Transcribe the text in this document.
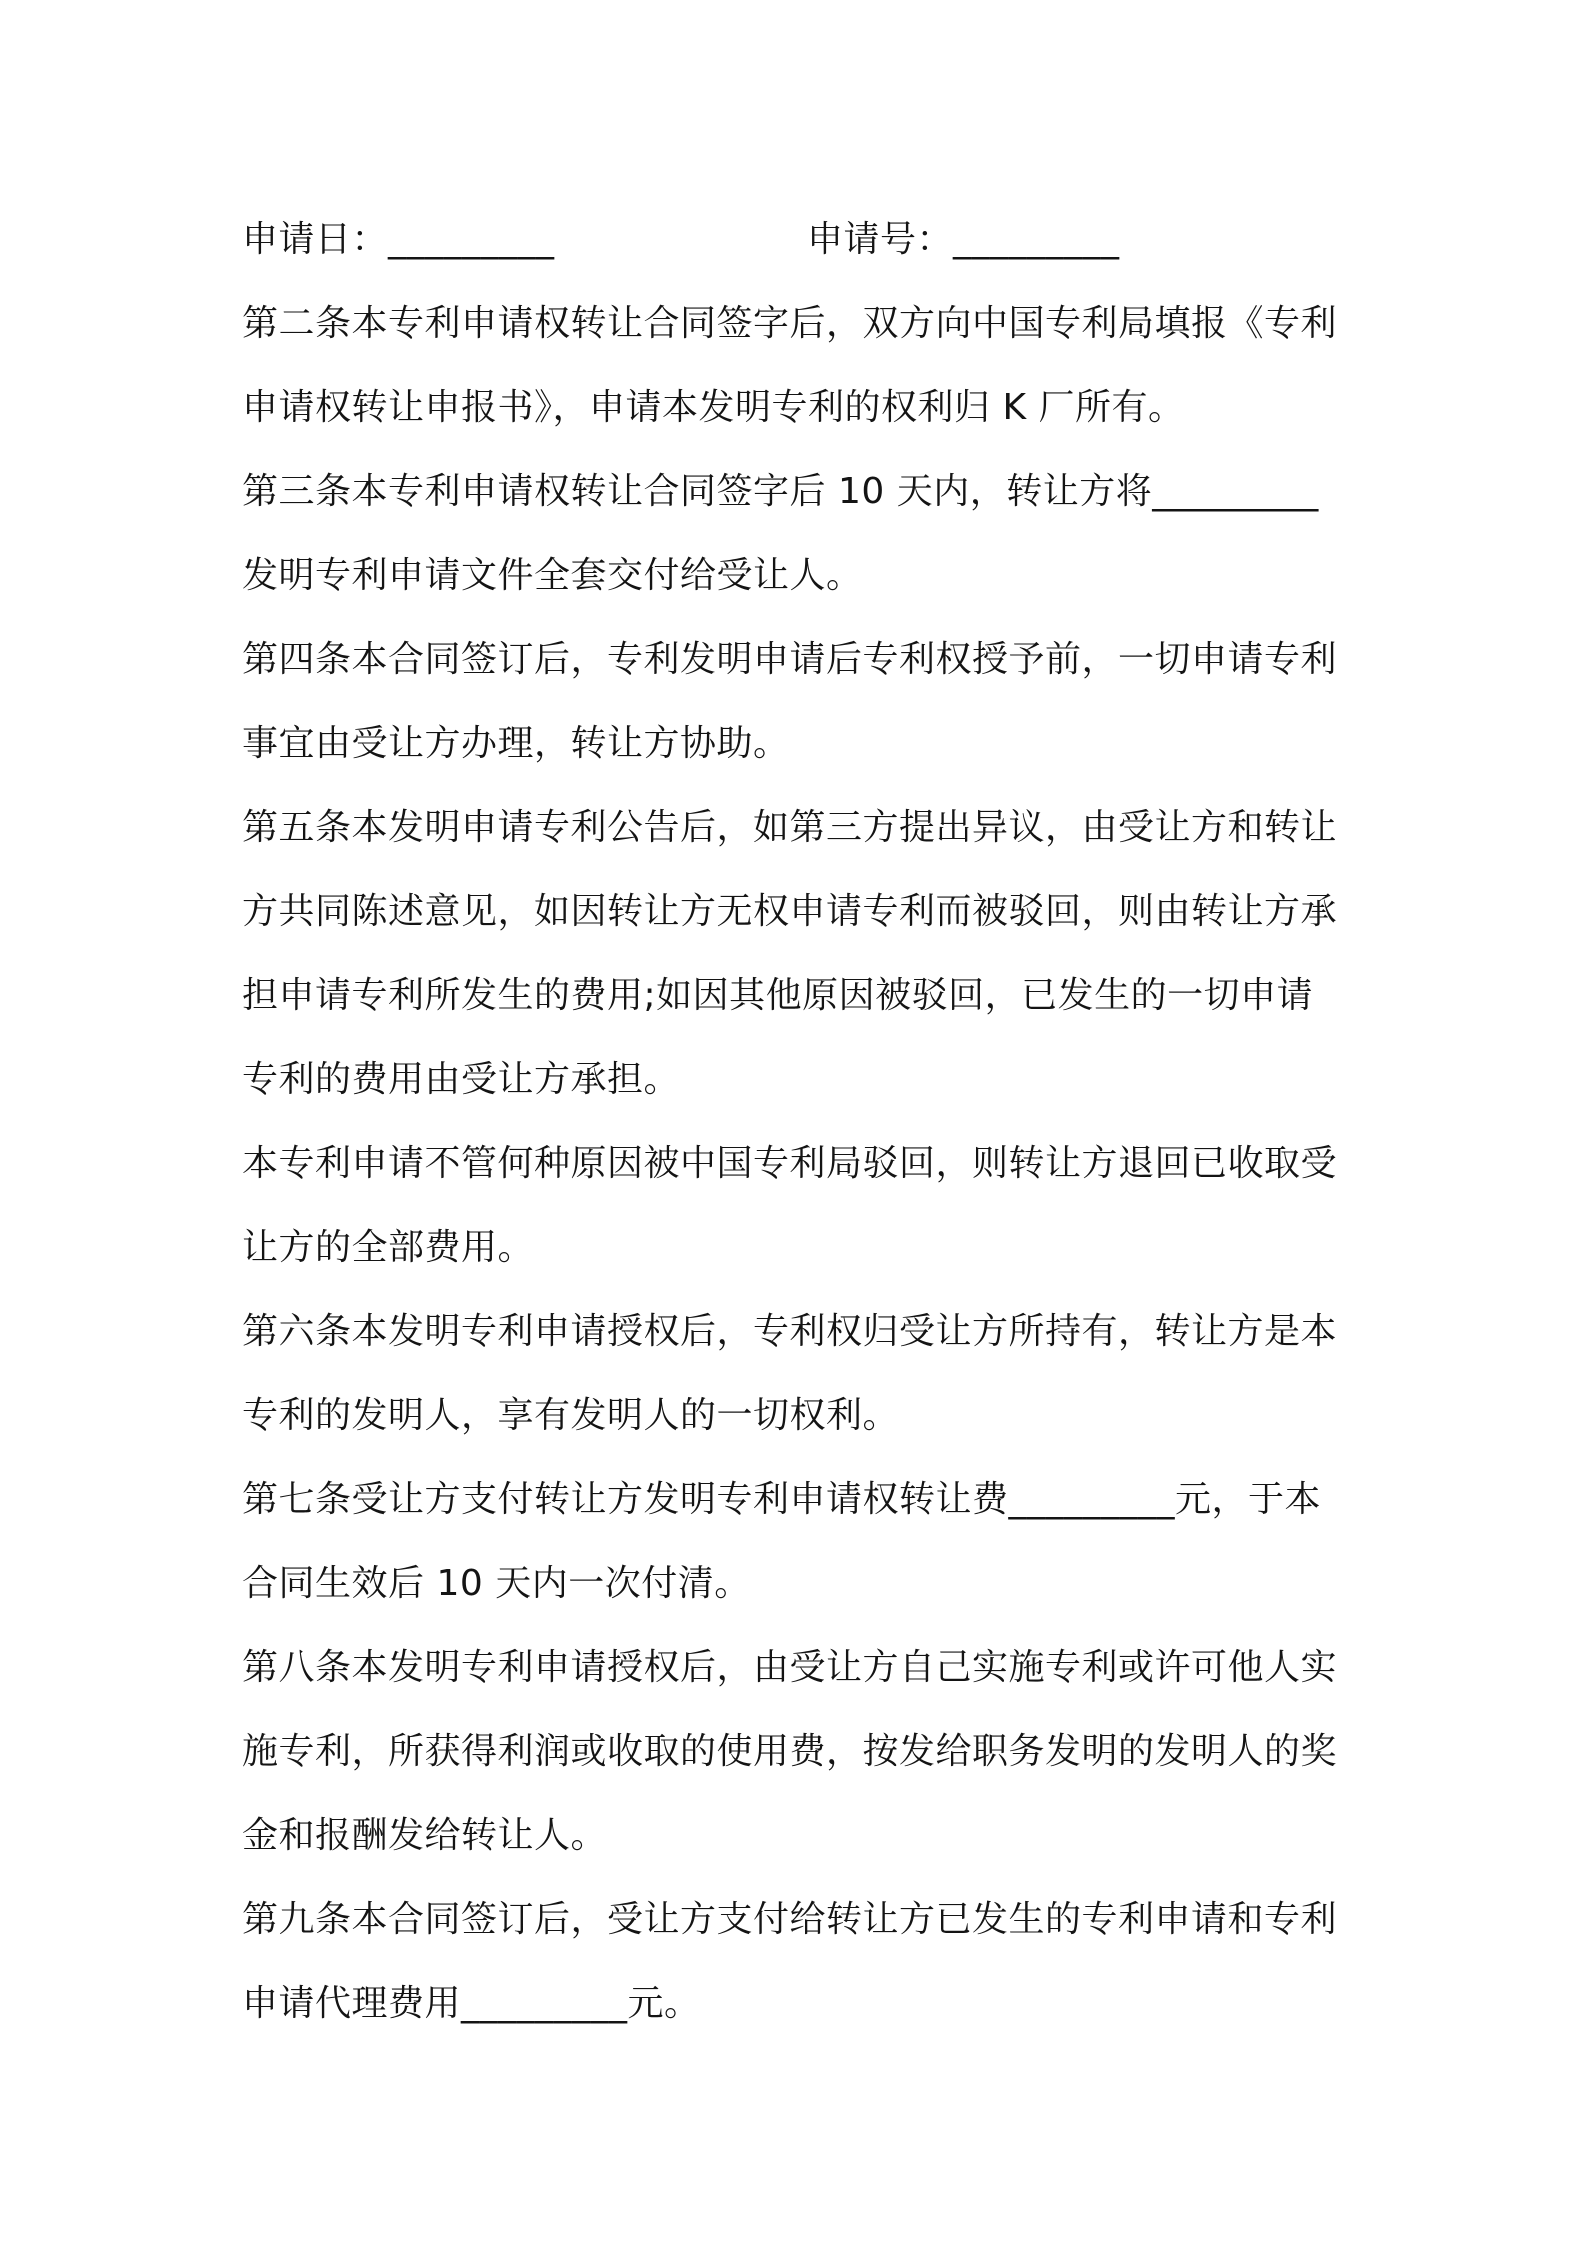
申请日：_________	申请号：_________
第二条本专利申请权转让合同签字后，双方向中国专利局填报《专利
申请权转让申报书》，申请本发明专利的权利归 K 厂所有。
第三条本专利申请权转让合同签字后 10 天内，转让方将_________
发明专利申请文件全套交付给受让人。
第四条本合同签订后，专利发明申请后专利权授予前，一切申请专利
事宜由受让方办理，转让方协助。
第五条本发明申请专利公告后，如第三方提出异议，由受让方和转让
方共同陈述意见，如因转让方无权申请专利而被驳回，则由转让方承
担申请专利所发生的费用;如因其他原因被驳回，已发生的一切申请
专利的费用由受让方承担。
本专利申请不管何种原因被中国专利局驳回，则转让方退回已收取受
让方的全部费用。
第六条本发明专利申请授权后，专利权归受让方所持有，转让方是本
专利的发明人，享有发明人的一切权利。
第七条受让方支付转让方发明专利申请权转让费_________元，于本
合同生效后 10 天内一次付清。
第八条本发明专利申请授权后，由受让方自己实施专利或许可他人实
施专利，所获得利润或收取的使用费，按发给职务发明的发明人的奖
金和报酬发给转让人。
第九条本合同签订后，受让方支付给转让方已发生的专利申请和专利
申请代理费用_________元。
